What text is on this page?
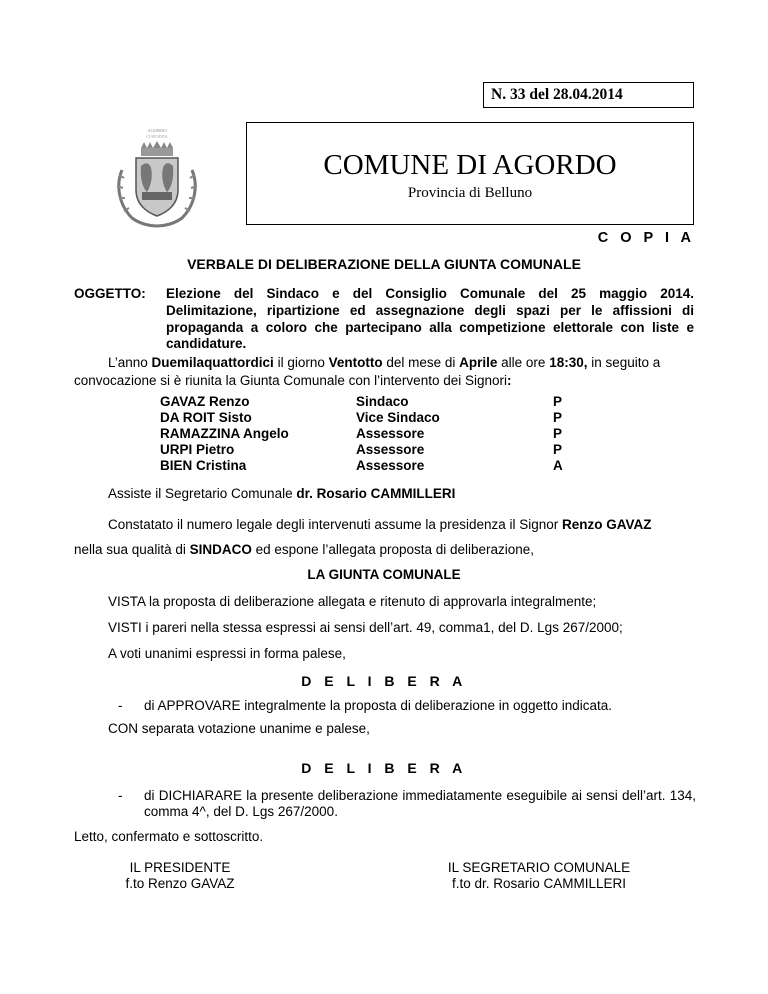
N. 33 del 28.04.2014
AGORDO
CUSTODITA
COMUNE DI AGORDO
Provincia di Belluno
C O P I A
VERBALE DI DELIBERAZIONE DELLA GIUNTA COMUNALE
OGGETTO: Elezione del Sindaco e del Consiglio Comunale del 25 maggio 2014. Delimitazione, ripartizione ed assegnazione degli spazi per le affissioni di propaganda a coloro che partecipano alla competizione elettorale con liste e candidature.
L’anno Duemilaquattordici il giorno Ventotto del mese di Aprile alle ore 18:30, in seguito a
convocazione si è riunita la Giunta Comunale con l’intervento dei Signori:
GAVAZ Renzo	Sindaco	P
DA ROIT Sisto	Vice Sindaco	P
RAMAZZINA Angelo	Assessore	P
URPI Pietro	Assessore	P
BIEN Cristina	Assessore	A
Assiste il Segretario Comunale dr. Rosario CAMMILLERI
Constatato il numero legale degli intervenuti assume la presidenza il Signor Renzo GAVAZ
nella sua qualità di SINDACO ed espone l’allegata proposta di deliberazione,
LA GIUNTA COMUNALE
VISTA la proposta di deliberazione allegata e ritenuto di approvarla integralmente;
VISTI i pareri nella stessa espressi ai sensi dell’art. 49, comma1, del D. Lgs 267/2000;
A voti unanimi espressi in forma palese,
D E L I B E R A
- di APPROVARE integralmente la proposta di deliberazione in oggetto indicata.
CON separata votazione unanime e palese,
D E L I B E R A
- di DICHIARARE la presente deliberazione immediatamente eseguibile ai sensi dell’art. 134, comma 4^, del D. Lgs 267/2000.
Letto, confermato e sottoscritto.
IL PRESIDENTE
f.to Renzo GAVAZ
IL SEGRETARIO COMUNALE
f.to dr. Rosario CAMMILLERI
